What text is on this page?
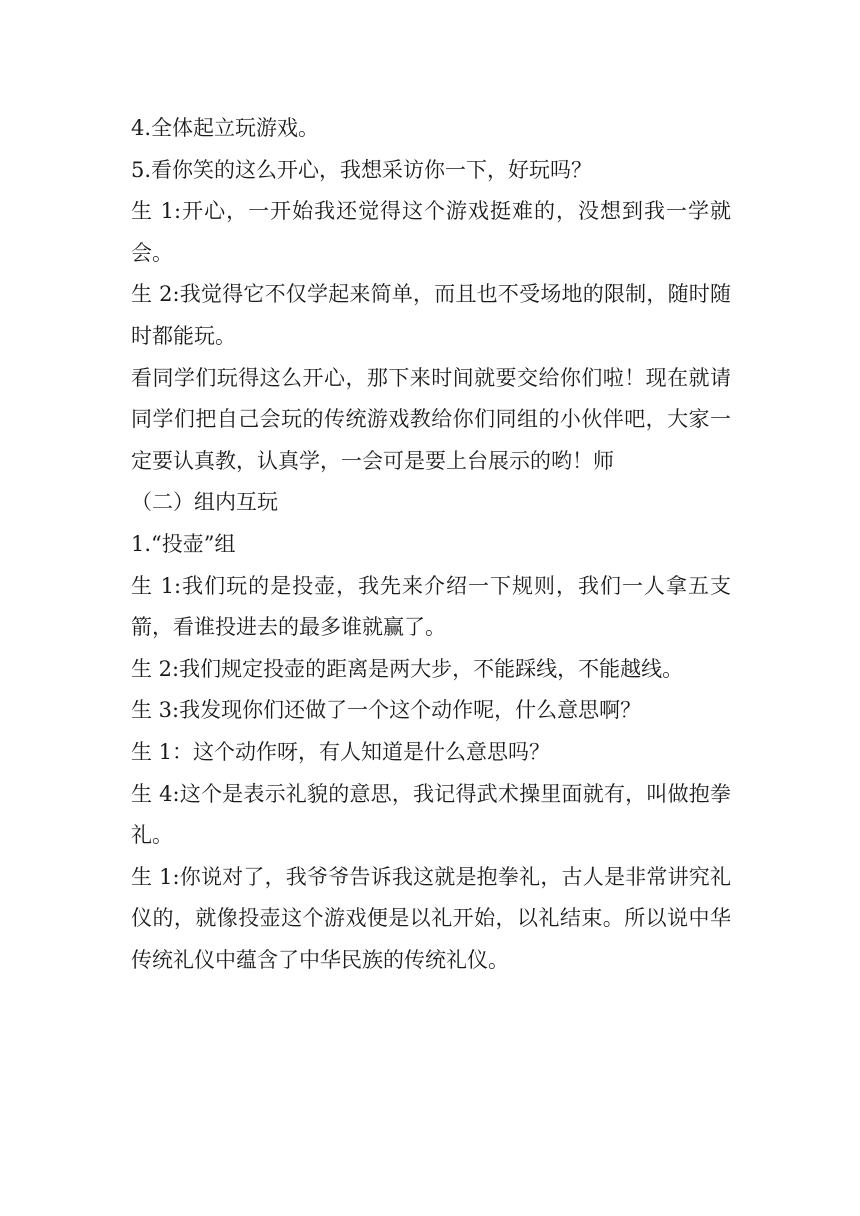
4.全体起立玩游戏。

5.看你笑的这么开心，我想采访你一下，好玩吗？

生 1:开心，一开始我还觉得这个游戏挺难的，没想到我一学就会。

生 2:我觉得它不仅学起来简单，而且也不受场地的限制，随时随时都能玩。

看同学们玩得这么开心，那下来时间就要交给你们啦！现在就请同学们把自己会玩的传统游戏教给你们同组的小伙伴吧，大家一定要认真教，认真学，一会可是要上台展示的哟！师

（二）组内互玩

1.“投壶”组

生 1:我们玩的是投壶，我先来介绍一下规则，我们一人拿五支箭，看谁投进去的最多谁就赢了。

生 2:我们规定投壶的距离是两大步，不能踩线，不能越线。

生 3:我发现你们还做了一个这个动作呢，什么意思啊？

生 1：这个动作呀，有人知道是什么意思吗？

生 4:这个是表示礼貌的意思，我记得武术操里面就有，叫做抱拳礼。

生 1:你说对了，我爷爷告诉我这就是抱拳礼，古人是非常讲究礼仪的，就像投壶这个游戏便是以礼开始，以礼结束。所以说中华传统礼仪中蕴含了中华民族的传统礼仪。
